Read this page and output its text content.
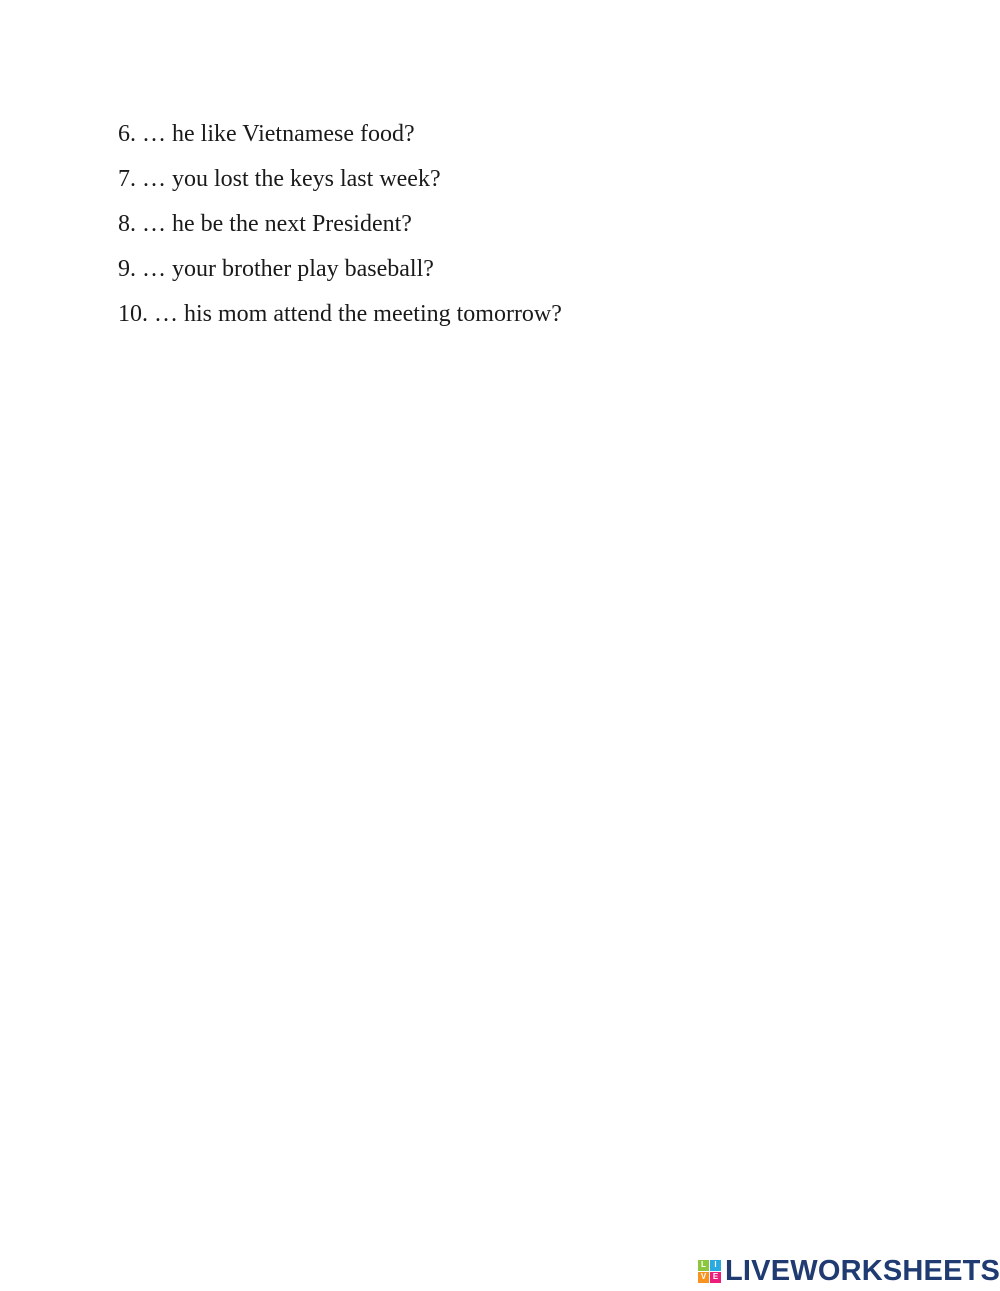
6. … he like Vietnamese food?
7. … you lost the keys last week?
8. … he be the next President?
9. … your brother play baseball?
10. … his mom attend the meeting tomorrow?
L	I
V E LIVEWORKSHEETS
